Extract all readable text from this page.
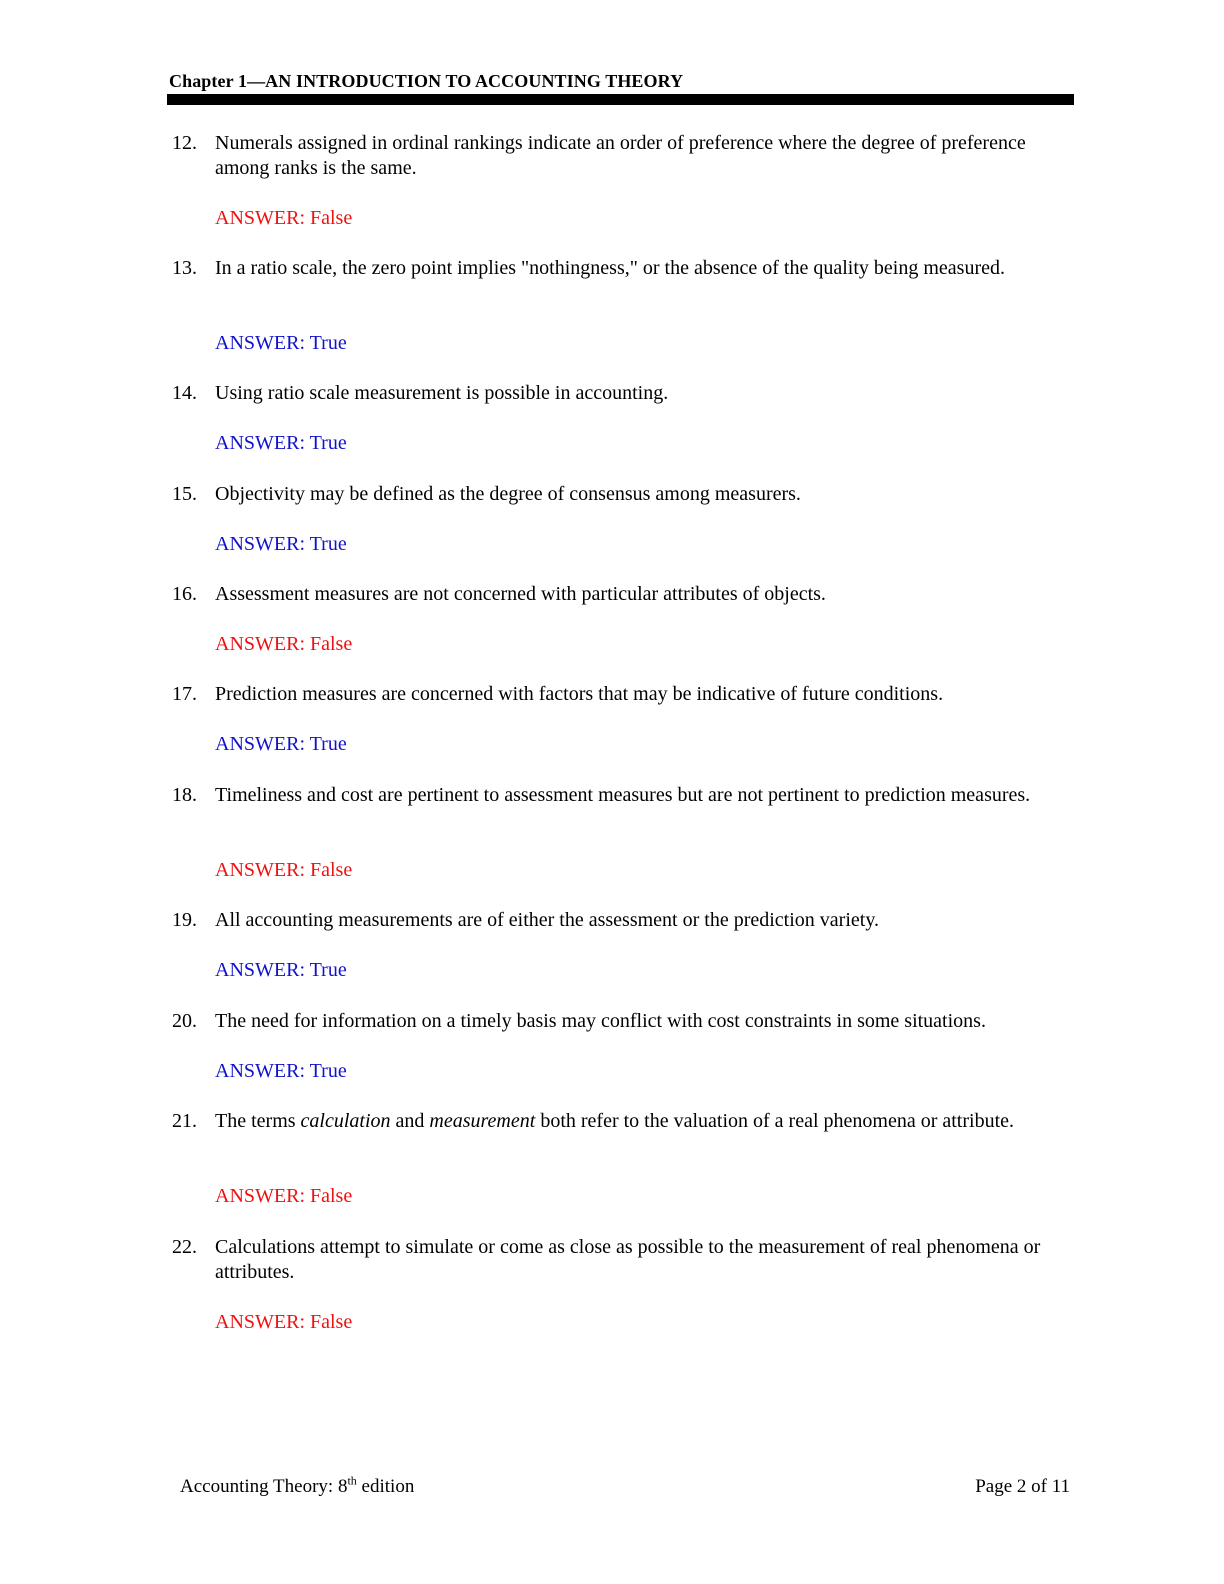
Chapter 1—AN INTRODUCTION TO ACCOUNTING THEORY
12. Numerals assigned in ordinal rankings indicate an order of preference where the degree of preference among ranks is the same.
ANSWER: False
13. In a ratio scale, the zero point implies "nothingness," or the absence of the quality being measured.
ANSWER: True
14. Using ratio scale measurement is possible in accounting.
ANSWER: True
15. Objectivity may be defined as the degree of consensus among measurers.
ANSWER: True
16. Assessment measures are not concerned with particular attributes of objects.
ANSWER: False
17. Prediction measures are concerned with factors that may be indicative of future conditions.
ANSWER: True
18. Timeliness and cost are pertinent to assessment measures but are not pertinent to prediction measures.
ANSWER: False
19. All accounting measurements are of either the assessment or the prediction variety.
ANSWER: True
20. The need for information on a timely basis may conflict with cost constraints in some situations.
ANSWER: True
21. The terms calculation and measurement both refer to the valuation of a real phenomena or attribute.
ANSWER: False
22. Calculations attempt to simulate or come as close as possible to the measurement of real phenomena or attributes.
ANSWER: False
Accounting Theory: 8th edition	Page 2 of 11
